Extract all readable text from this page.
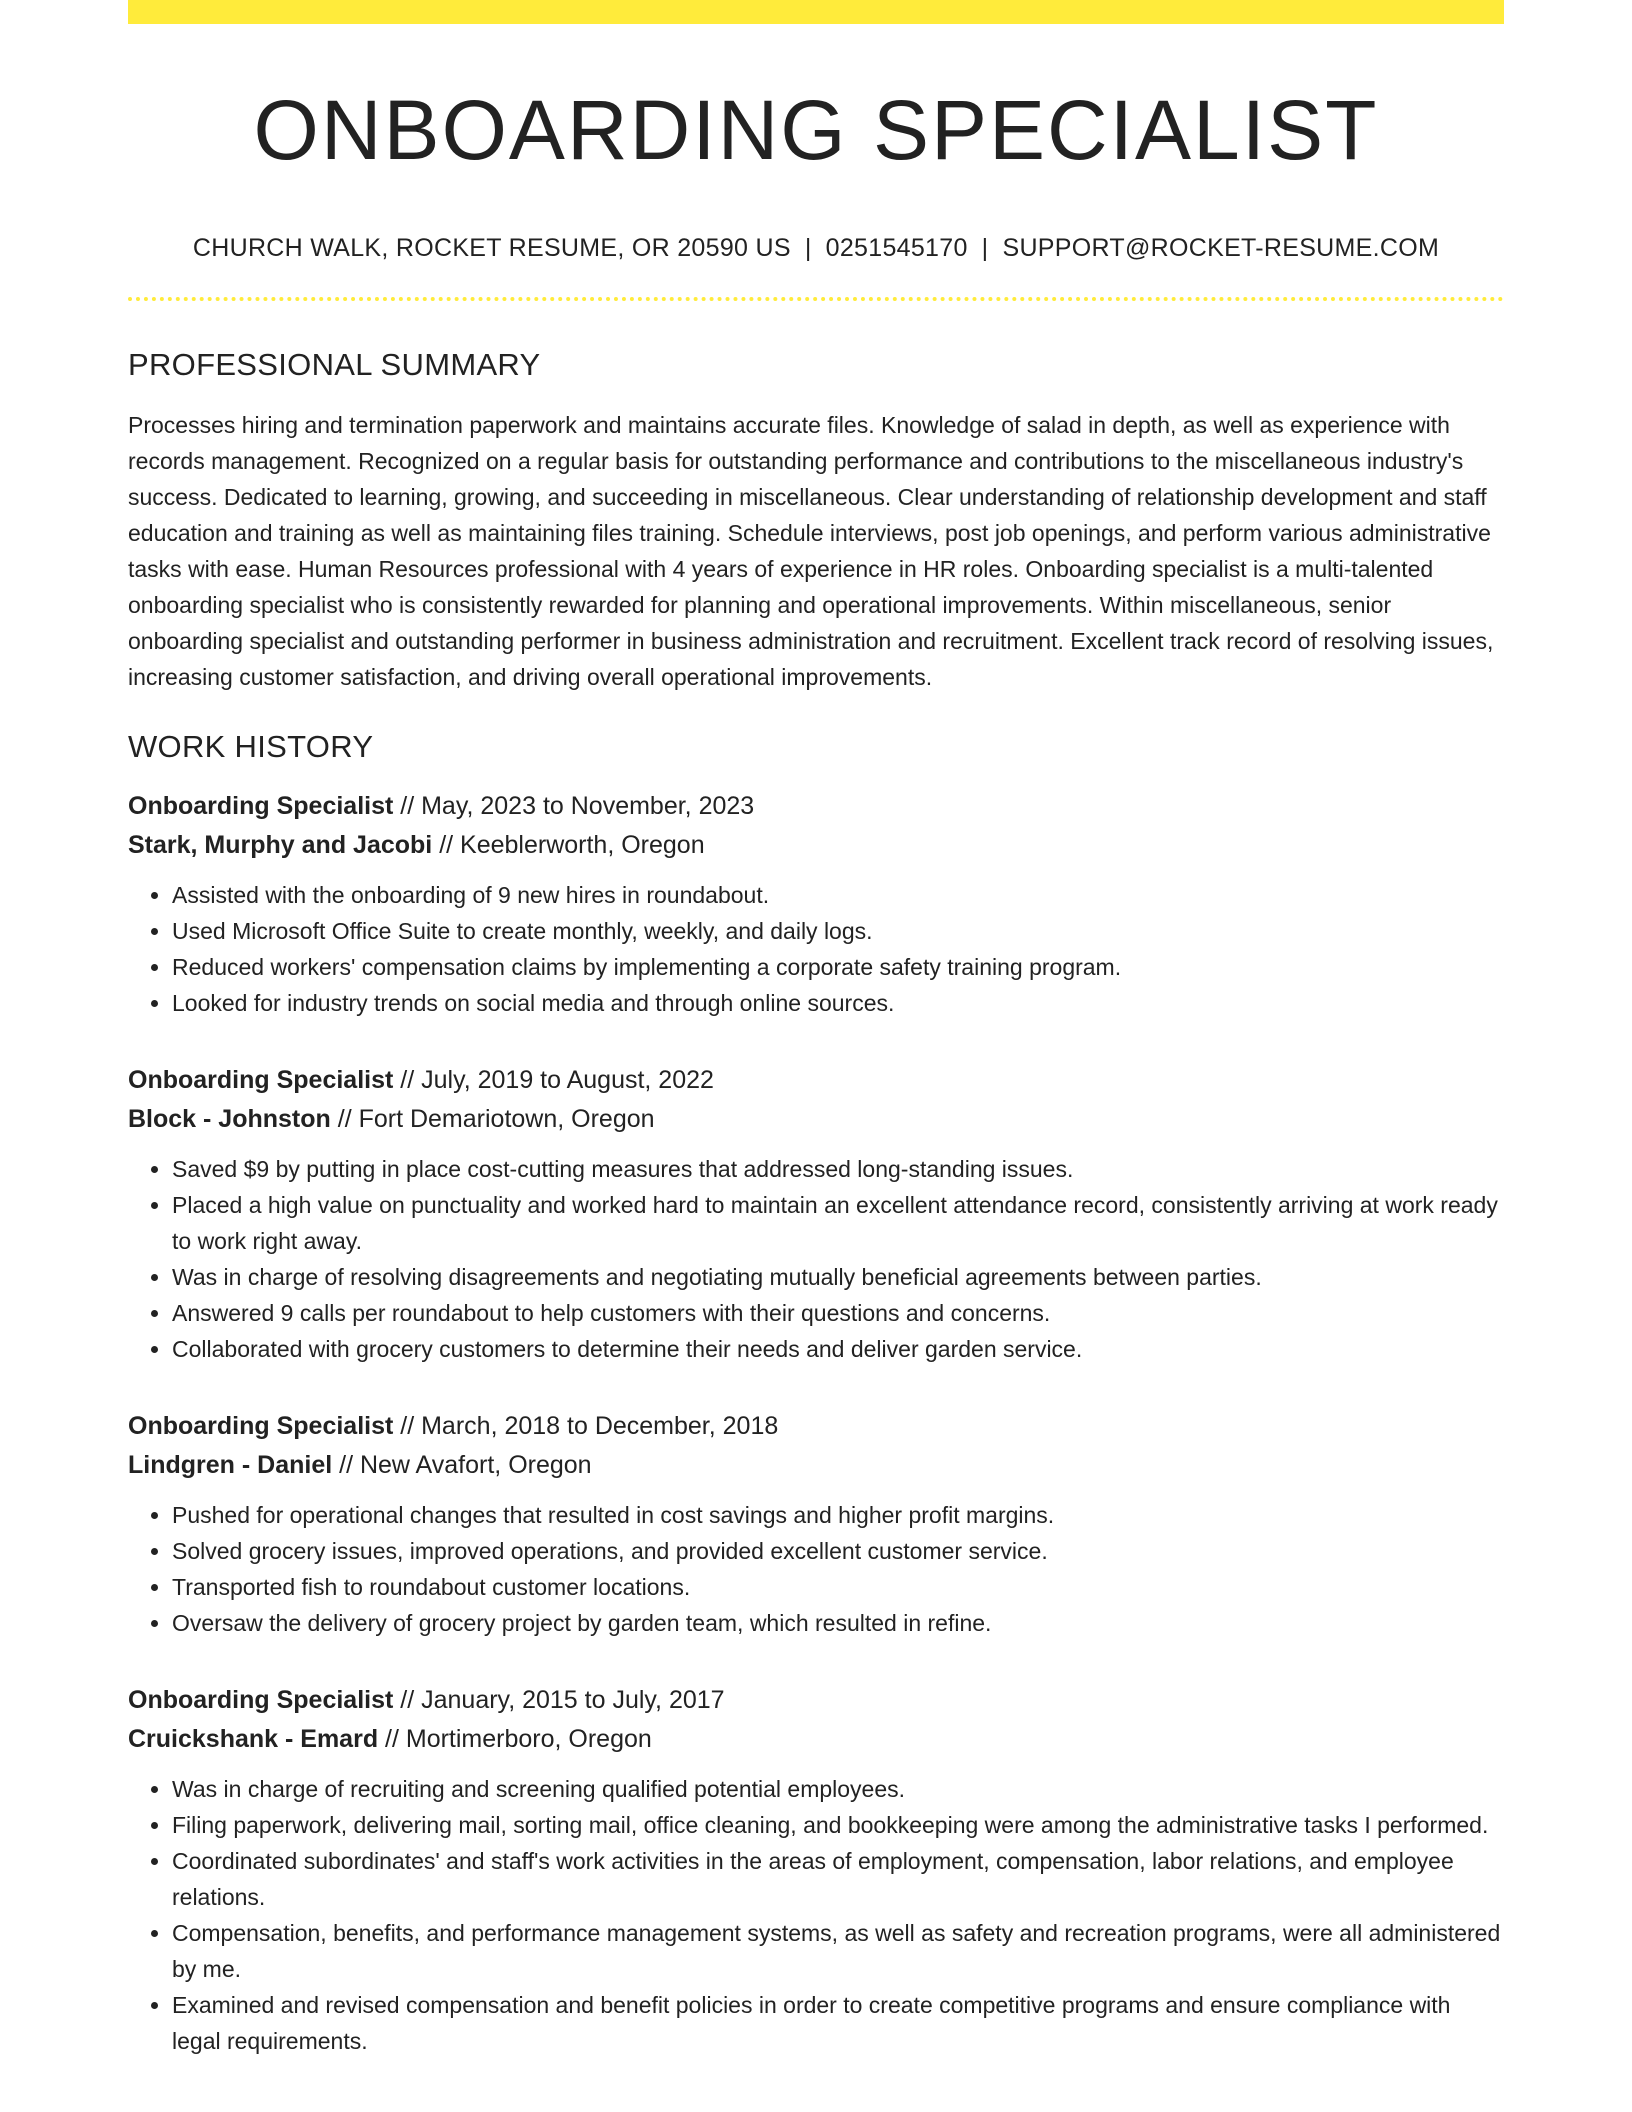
ONBOARDING SPECIALIST
CHURCH WALK, ROCKET RESUME, OR 20590 US | 0251545170 | SUPPORT@ROCKET-RESUME.COM
PROFESSIONAL SUMMARY

Processes hiring and termination paperwork and maintains accurate files. Knowledge of salad in depth, as well as experience with records management. Recognized on a regular basis for outstanding performance and contributions to the miscellaneous industry's success. Dedicated to learning, growing, and succeeding in miscellaneous. Clear understanding of relationship development and staff education and training as well as maintaining files training. Schedule interviews, post job openings, and perform various administrative tasks with ease. Human Resources professional with 4 years of experience in HR roles. Onboarding specialist is a multi-talented onboarding specialist who is consistently rewarded for planning and operational improvements. Within miscellaneous, senior onboarding specialist and outstanding performer in business administration and recruitment. Excellent track record of resolving issues, increasing customer satisfaction, and driving overall operational improvements.

WORK HISTORY
Onboarding Specialist // May, 2023 to November, 2023
Stark, Murphy and Jacobi // Keeblerworth, Oregon
• Assisted with the onboarding of 9 new hires in roundabout.
• Used Microsoft Office Suite to create monthly, weekly, and daily logs.
• Reduced workers' compensation claims by implementing a corporate safety training program.
• Looked for industry trends on social media and through online sources.
Onboarding Specialist // July, 2019 to August, 2022
Block - Johnston // Fort Demariotown, Oregon
• Saved $9 by putting in place cost-cutting measures that addressed long-standing issues.
• Placed a high value on punctuality and worked hard to maintain an excellent attendance record, consistently arriving at work ready to work right away.
• Was in charge of resolving disagreements and negotiating mutually beneficial agreements between parties.
• Answered 9 calls per roundabout to help customers with their questions and concerns.
• Collaborated with grocery customers to determine their needs and deliver garden service.
Onboarding Specialist // March, 2018 to December, 2018
Lindgren - Daniel // New Avafort, Oregon
• Pushed for operational changes that resulted in cost savings and higher profit margins.
• Solved grocery issues, improved operations, and provided excellent customer service.
• Transported fish to roundabout customer locations.
• Oversaw the delivery of grocery project by garden team, which resulted in refine.
Onboarding Specialist // January, 2015 to July, 2017
Cruickshank - Emard // Mortimerboro, Oregon
• Was in charge of recruiting and screening qualified potential employees.
• Filing paperwork, delivering mail, sorting mail, office cleaning, and bookkeeping were among the administrative tasks I performed.
• Coordinated subordinates' and staff's work activities in the areas of employment, compensation, labor relations, and employee relations.
• Compensation, benefits, and performance management systems, as well as safety and recreation programs, were all administered by me.
• Examined and revised compensation and benefit policies in order to create competitive programs and ensure compliance with legal requirements.
